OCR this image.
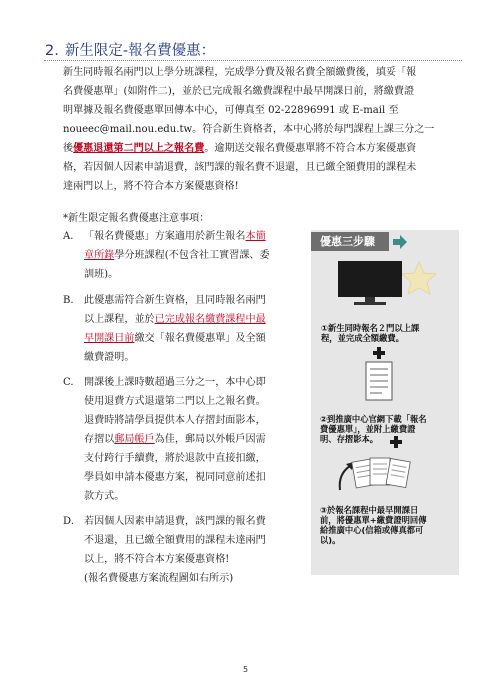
2. 新生限定-報名費優惠：
新生同時報名兩門以上學分班課程，完成學分費及報名費全額繳費後，填妥「報
名費優惠單」(如附件二)，並於已完成報名繳費課程中最早開課日前，將繳費證
明單據及報名費優惠單回傳本中心，可傳真至 02-22896991 或 E-mail 至
noueec@mail.nou.edu.tw。符合新生資格者，本中心將於每門課程上課三分之一
後優惠退還第二門以上之報名費。逾期送交報名費優惠單將不符合本方案優惠資
格，若因個人因素申請退費，該門課的報名費不退還，且已繳全額費用的課程未
達兩門以上，將不符合本方案優惠資格!
*新生限定報名費優惠注意事項：
A. 「報名費優惠」方案適用於新生報名本簡
章所錄學分班課程(不包含社工實習課、委
訓班)。
B. 此優惠需符合新生資格，且同時報名兩門
以上課程，並於已完成報名繳費課程中最
早開課日前繳交「報名費優惠單」及全額
繳費證明。
C. 開課後上課時數超過三分之一，本中心即
使用退費方式退還第二門以上之報名費。
退費時將請學員提供本人存摺封面影本，
存摺以郵局帳戶為佳，郵局以外帳戶因需
支付跨行手續費，將於退款中直接扣繳，
學員如申請本優惠方案，視同同意前述扣
款方式。
D. 若因個人因素申請退費，該門課的報名費
不退還，且已繳全額費用的課程未達兩門
以上，將不符合本方案優惠資格!
(報名費優惠方案流程圖如右所示)
優惠三步驟
①新生同時報名２門以上課
程，並完成全額繳費。
②到推廣中心官網下載「報名
費優惠單」，並附上繳費證
明、存摺影本。
③於報名課程中最早開課日
前，將優惠單+繳費證明回傳
給推廣中心(信箱或傳真都可
以)。
5
